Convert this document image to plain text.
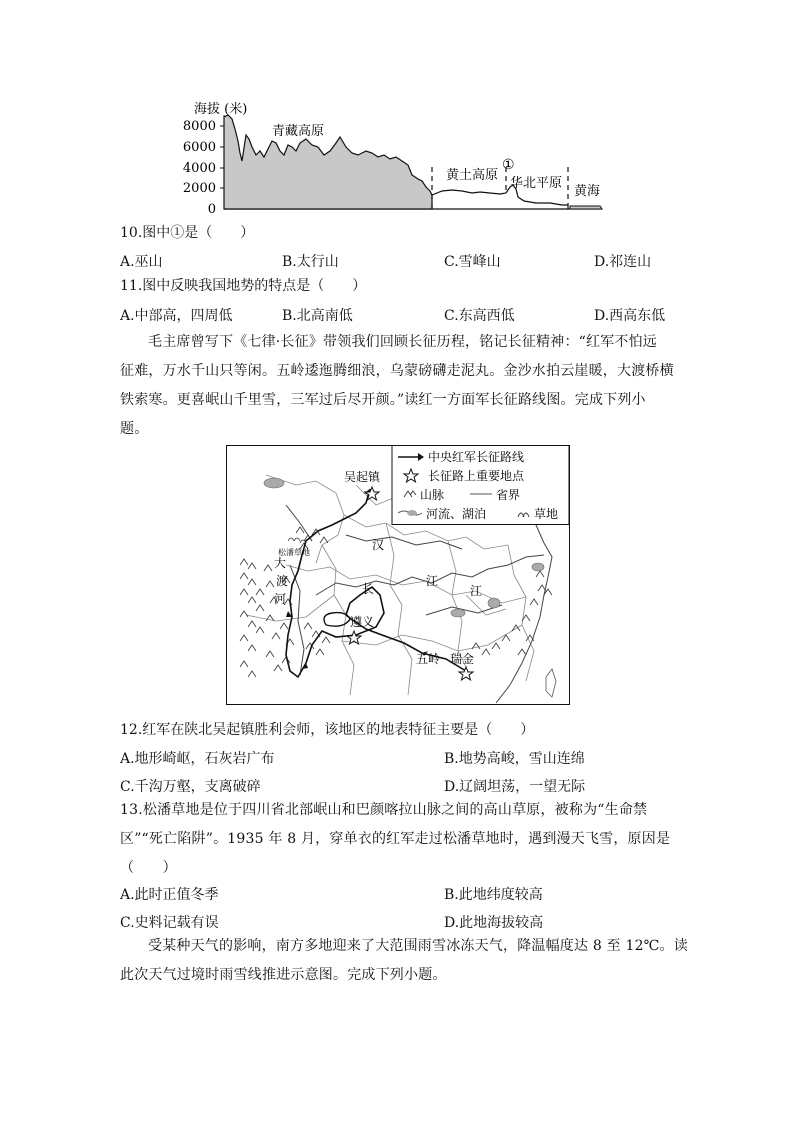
海拔 (米)
8000
6000
4000
2000
0
青藏高原
黄土高原
①
华北平原
黄海
10.图中①是（　　）
A.巫山	B.太行山	C.雪峰山	D.祁连山
11.图中反映我国地势的特点是（　　）
A.中部高，四周低	B.北高南低	C.东高西低	D.西高东低
毛主席曾写下《七律·长征》带领我们回顾长征历程，铭记长征精神：“红军不怕远
征难，万水千山只等闲。五岭逶迤腾细浪，乌蒙磅礴走泥丸。金沙水拍云崖暖，大渡桥横
铁索寒。更喜岷山千里雪，三军过后尽开颜。”读红一方面军长征路线图。完成下列小
题。
吴起镇
松潘草地
汉
大
渡
河
长
江
江
遵义
五岭 瑞金
中央红军长征路线
长征路上重要地点
山脉	省界
河流、湖泊	草地
12.红军在陕北吴起镇胜利会师，该地区的地表特征主要是（　　）
A.地形崎岖，石灰岩广布	B.地势高峻，雪山连绵
C.千沟万壑，支离破碎	D.辽阔坦荡，一望无际
13.松潘草地是位于四川省北部岷山和巴颜喀拉山脉之间的高山草原，被称为“生命禁
区”“死亡陷阱”。1935 年 8 月，穿单衣的红军走过松潘草地时，遇到漫天飞雪，原因是
（　　）
A.此时正值冬季	B.此地纬度较高
C.史料记载有误	D.此地海拔较高
受某种天气的影响，南方多地迎来了大范围雨雪冰冻天气，降温幅度达 8 至 12℃。读
此次天气过境时雨雪线推进示意图。完成下列小题。
